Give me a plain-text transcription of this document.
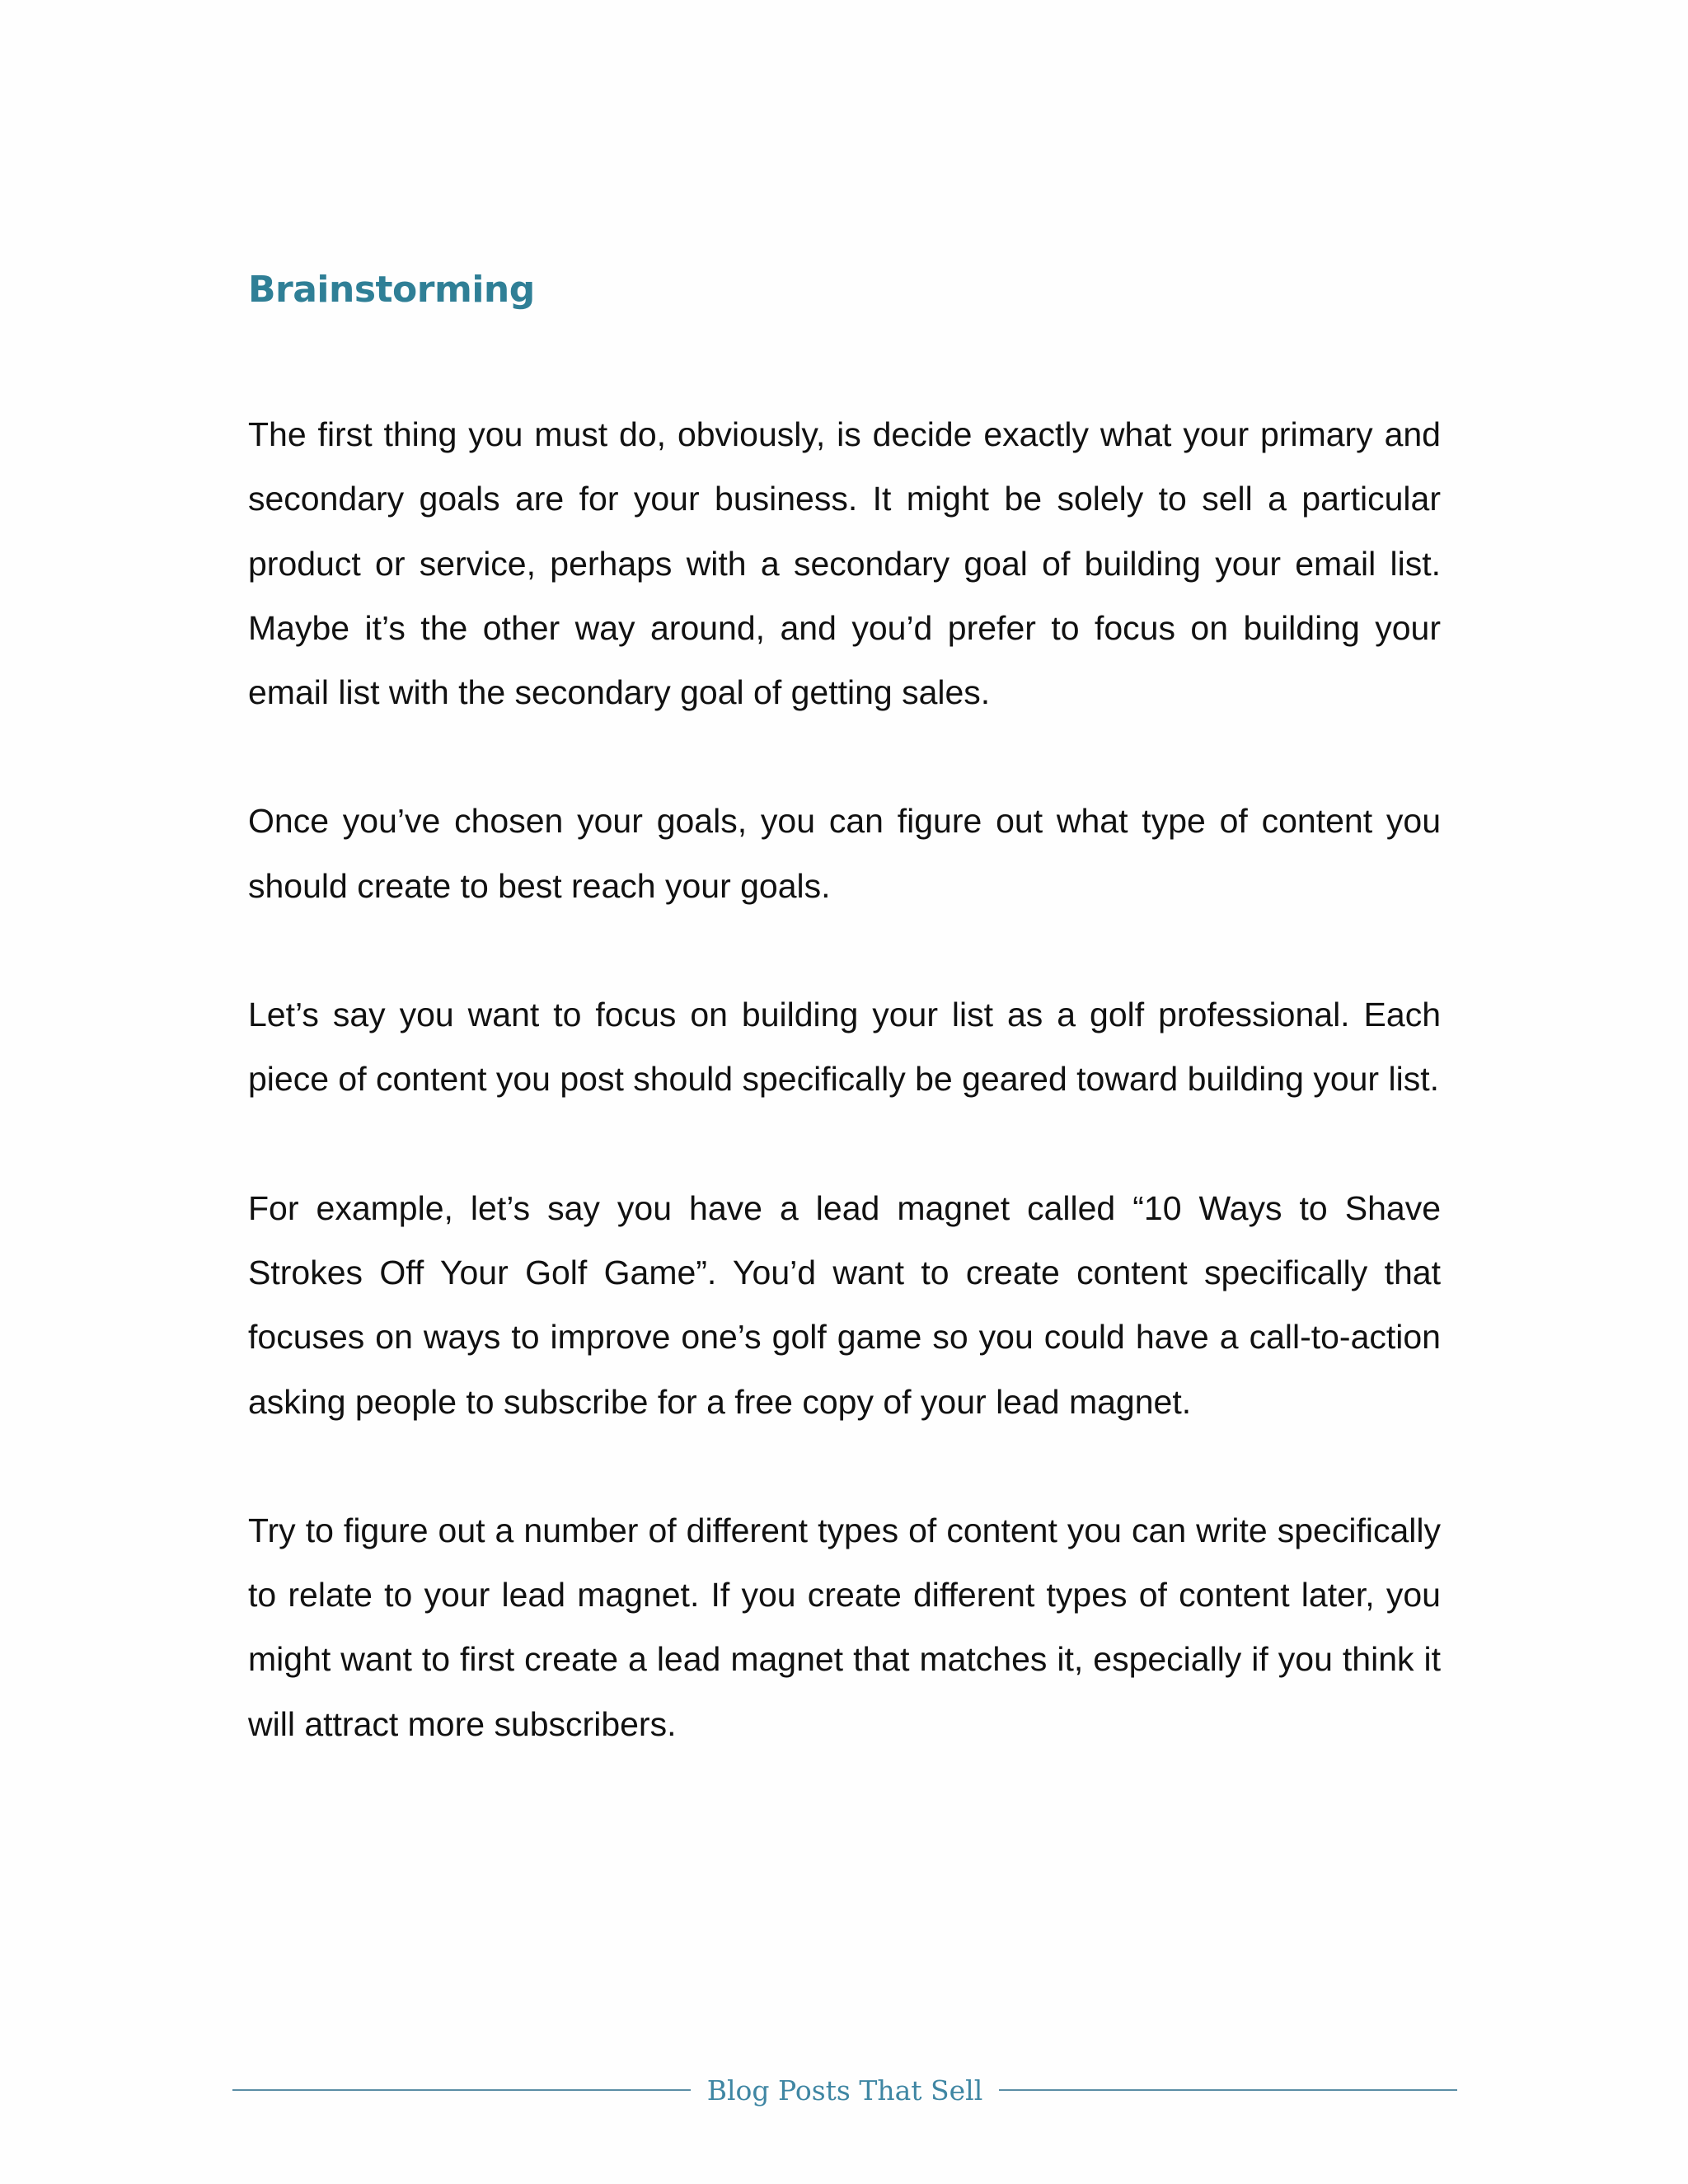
Brainstorming

The first thing you must do, obviously, is decide exactly what your primary and secondary goals are for your business. It might be solely to sell a particular product or service, perhaps with a secondary goal of building your email list. Maybe it’s the other way around, and you’d prefer to focus on building your email list with the secondary goal of getting sales.

Once you’ve chosen your goals, you can figure out what type of content you should create to best reach your goals.

Let’s say you want to focus on building your list as a golf professional. Each piece of content you post should specifically be geared toward building your list.

For example, let’s say you have a lead magnet called “10 Ways to Shave Strokes Off Your Golf Game”. You’d want to create content specifically that focuses on ways to improve one’s golf game so you could have a call-to-action asking people to subscribe for a free copy of your lead magnet.

Try to figure out a number of different types of content you can write specifically to relate to your lead magnet. If you create different types of content later, you might want to first create a lead magnet that matches it, especially if you think it will attract more subscribers.

Blog Posts That Sell
